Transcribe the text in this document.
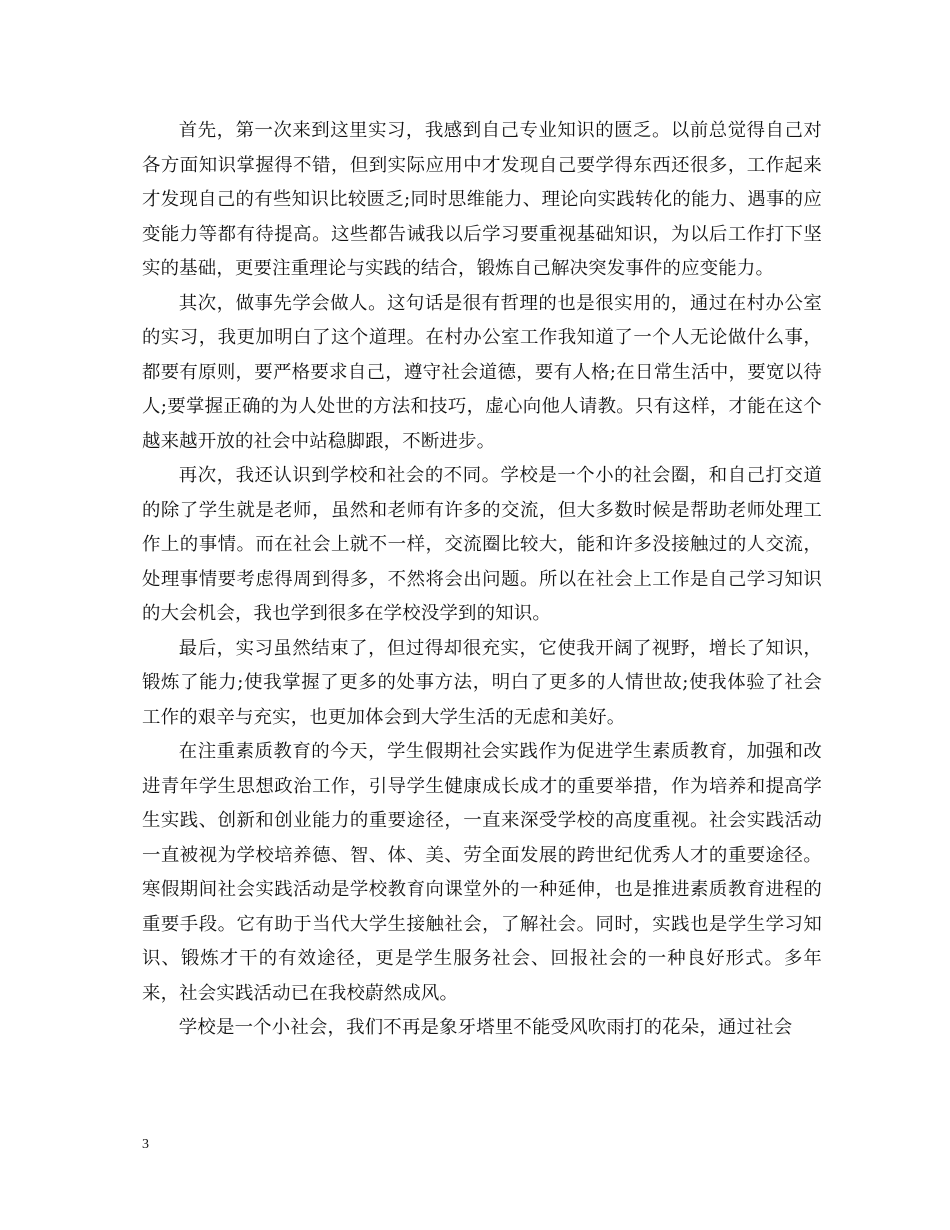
首先，第一次来到这里实习，我感到自己专业知识的匮乏。以前总觉得自己对各方面知识掌握得不错，但到实际应用中才发现自己要学得东西还很多，工作起来才发现自己的有些知识比较匮乏;同时思维能力、理论向实践转化的能力、遇事的应变能力等都有待提高。这些都告诫我以后学习要重视基础知识，为以后工作打下坚实的基础，更要注重理论与实践的结合，锻炼自己解决突发事件的应变能力。

其次，做事先学会做人。这句话是很有哲理的也是很实用的，通过在村办公室的实习，我更加明白了这个道理。在村办公室工作我知道了一个人无论做什么事，都要有原则，要严格要求自己，遵守社会道德，要有人格;在日常生活中，要宽以待人;要掌握正确的为人处世的方法和技巧，虚心向他人请教。只有这样，才能在这个越来越开放的社会中站稳脚跟，不断进步。

再次，我还认识到学校和社会的不同。学校是一个小的社会圈，和自己打交道的除了学生就是老师，虽然和老师有许多的交流，但大多数时候是帮助老师处理工作上的事情。而在社会上就不一样，交流圈比较大，能和许多没接触过的人交流，处理事情要考虑得周到得多，不然将会出问题。所以在社会上工作是自己学习知识的大会机会，我也学到很多在学校没学到的知识。

最后，实习虽然结束了，但过得却很充实，它使我开阔了视野，增长了知识，锻炼了能力;使我掌握了更多的处事方法，明白了更多的人情世故;使我体验了社会工作的艰辛与充实，也更加体会到大学生活的无虑和美好。

在注重素质教育的今天，学生假期社会实践作为促进学生素质教育，加强和改进青年学生思想政治工作，引导学生健康成长成才的重要举措，作为培养和提高学生实践、创新和创业能力的重要途径，一直来深受学校的高度重视。社会实践活动一直被视为学校培养德、智、体、美、劳全面发展的跨世纪优秀人才的重要途径。寒假期间社会实践活动是学校教育向课堂外的一种延伸，也是推进素质教育进程的重要手段。它有助于当代大学生接触社会，了解社会。同时，实践也是学生学习知识、锻炼才干的有效途径，更是学生服务社会、回报社会的一种良好形式。多年来，社会实践活动已在我校蔚然成风。

学校是一个小社会，我们不再是象牙塔里不能受风吹雨打的花朵，通过社会

3
